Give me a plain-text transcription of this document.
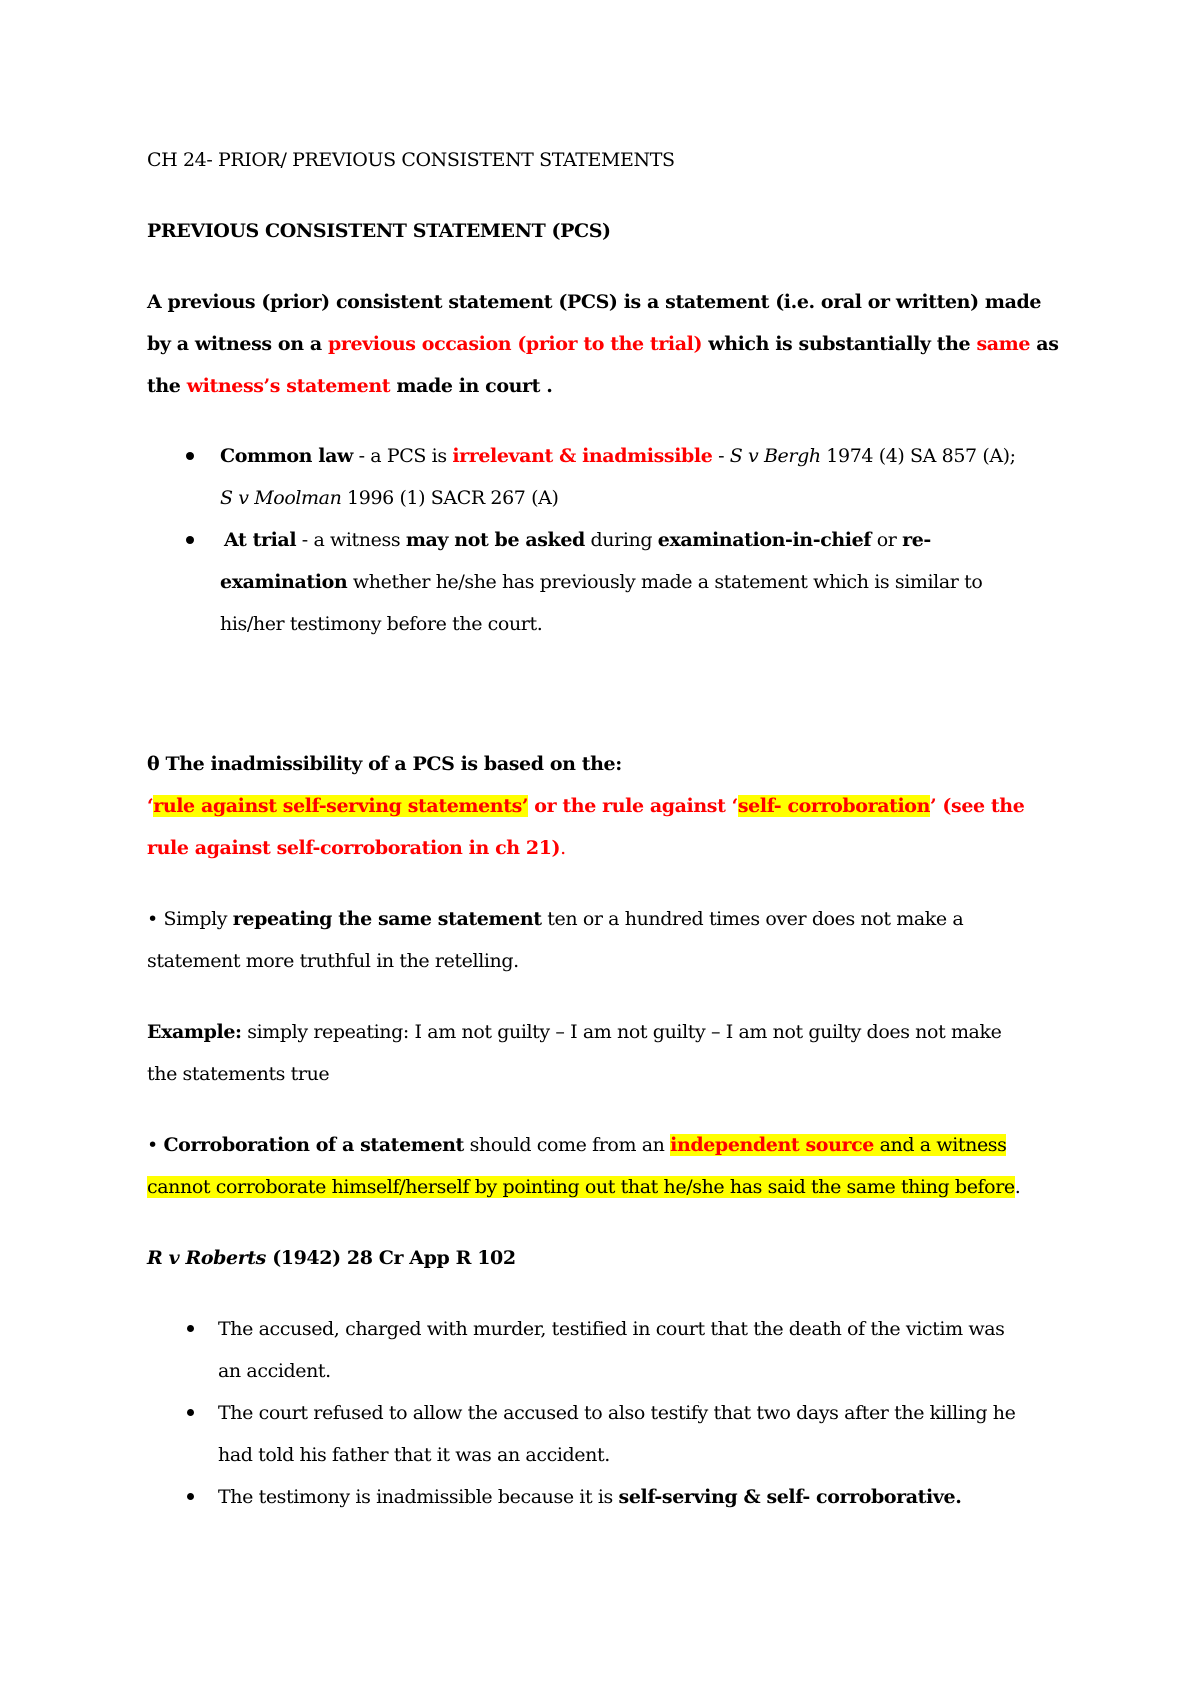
CH 24- PRIOR/ PREVIOUS CONSISTENT STATEMENTS
PREVIOUS CONSISTENT STATEMENT (PCS)
A previous (prior) consistent statement (PCS) is a statement (i.e. oral or written) made
by a witness on a previous occasion (prior to the trial) which is substantially the same as
the witness’s statement made in court .
Common law - a PCS is irrelevant & inadmissible - S v Bergh 1974 (4) SA 857 (A);
S v Moolman 1996 (1) SACR 267 (A)
At trial - a witness may not be asked during examination-in-chief or re-
examination whether he/she has previously made a statement which is similar to
his/her testimony before the court.
θ The inadmissibility of a PCS is based on the:
‘rule against self-serving statements’ or the rule against ‘self- corroboration’ (see the
rule against self-corroboration in ch 21).
• Simply repeating the same statement ten or a hundred times over does not make a
statement more truthful in the retelling.
Example: simply repeating: I am not guilty – I am not guilty – I am not guilty does not make
the statements true
• Corroboration of a statement should come from an independent source and a witness
cannot corroborate himself/herself by pointing out that he/she has said the same thing before.
R v Roberts (1942) 28 Cr App R 102
The accused, charged with murder, testified in court that the death of the victim was
an accident.
The court refused to allow the accused to also testify that two days after the killing he
had told his father that it was an accident.
The testimony is inadmissible because it is self-serving & self- corroborative.
